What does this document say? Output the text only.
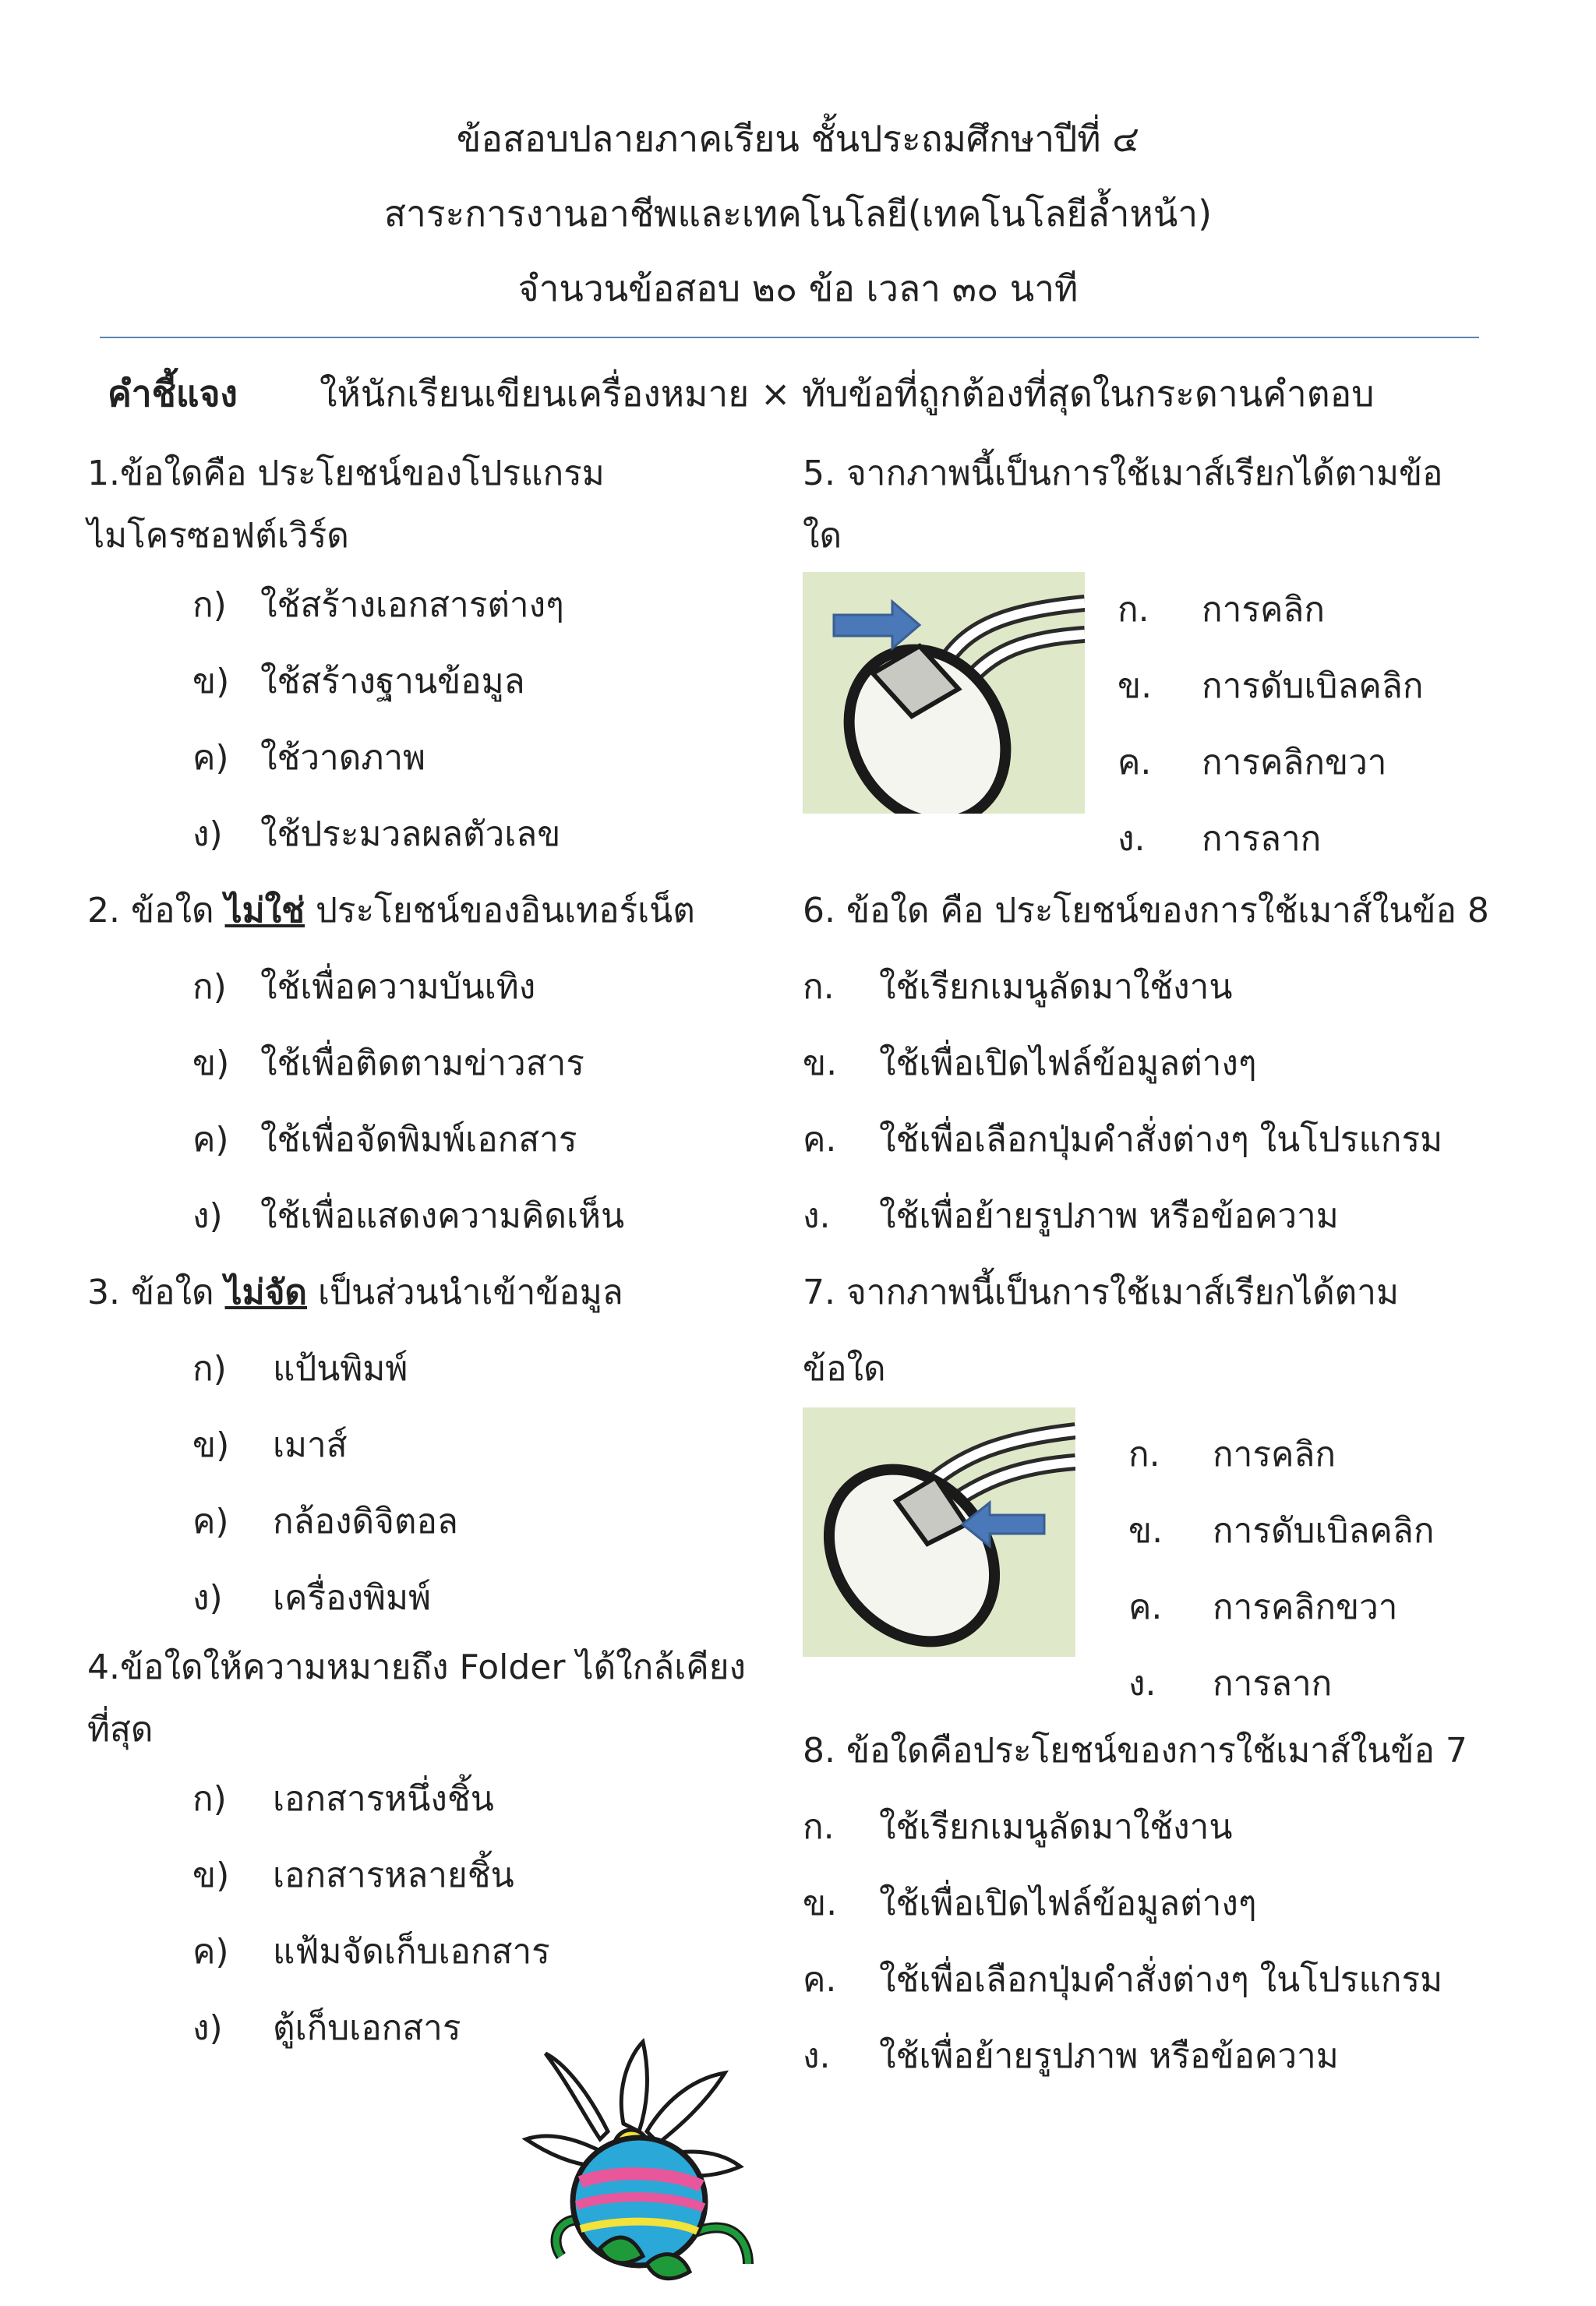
ข้อสอบปลายภาคเรียน ชั้นประถมศึกษาปีที่ ๔
สาระการงานอาชีพและเทคโนโลยี(เทคโนโลยีล้ำหน้า)
จำนวนข้อสอบ ๒๐ ข้อ เวลา ๓๐ นาที
คำชี้แจง ให้นักเรียนเขียนเครื่องหมาย × ทับข้อที่ถูกต้องที่สุดในกระดานคำตอบ
1.ข้อใดคือ ประโยชน์ของโปรแกรม
ไมโครซอฟต์เวิร์ด
ก) ใช้สร้างเอกสารต่างๆ
ข) ใช้สร้างฐานข้อมูล
ค) ใช้วาดภาพ
ง) ใช้ประมวลผลตัวเลข
2. ข้อใด ไม่ใช่ ประโยชน์ของอินเทอร์เน็ต
ก) ใช้เพื่อความบันเทิง
ข) ใช้เพื่อติดตามข่าวสาร
ค) ใช้เพื่อจัดพิมพ์เอกสาร
ง) ใช้เพื่อแสดงความคิดเห็น
3. ข้อใด ไม่จัด เป็นส่วนนำเข้าข้อมูล
ก) แป้นพิมพ์
ข) เมาส์
ค) กล้องดิจิตอล
ง) เครื่องพิมพ์
4.ข้อใดให้ความหมายถึง Folder ได้ใกล้เคียง
ที่สุด
ก) เอกสารหนึ่งชิ้น
ข) เอกสารหลายชิ้น
ค) แฟ้มจัดเก็บเอกสาร
ง) ตู้เก็บเอกสาร
5. จากภาพนี้เป็นการใช้เมาส์เรียกได้ตามข้อ
ใด
ก. การคลิก
ข. การดับเบิลคลิก
ค. การคลิกขวา
ง. การลาก
6. ข้อใด คือ ประโยชน์ของการใช้เมาส์ในข้อ 8
ก. ใช้เรียกเมนูลัดมาใช้งาน
ข. ใช้เพื่อเปิดไฟล์ข้อมูลต่างๆ
ค. ใช้เพื่อเลือกปุ่มคำสั่งต่างๆ ในโปรแกรม
ง. ใช้เพื่อย้ายรูปภาพ หรือข้อความ
7. จากภาพนี้เป็นการใช้เมาส์เรียกได้ตาม
ข้อใด
ก. การคลิก
ข. การดับเบิลคลิก
ค. การคลิกขวา
ง. การลาก
8. ข้อใดคือประโยชน์ของการใช้เมาส์ในข้อ 7
ก. ใช้เรียกเมนูลัดมาใช้งาน
ข. ใช้เพื่อเปิดไฟล์ข้อมูลต่างๆ
ค. ใช้เพื่อเลือกปุ่มคำสั่งต่างๆ ในโปรแกรม
ง. ใช้เพื่อย้ายรูปภาพ หรือข้อความ
